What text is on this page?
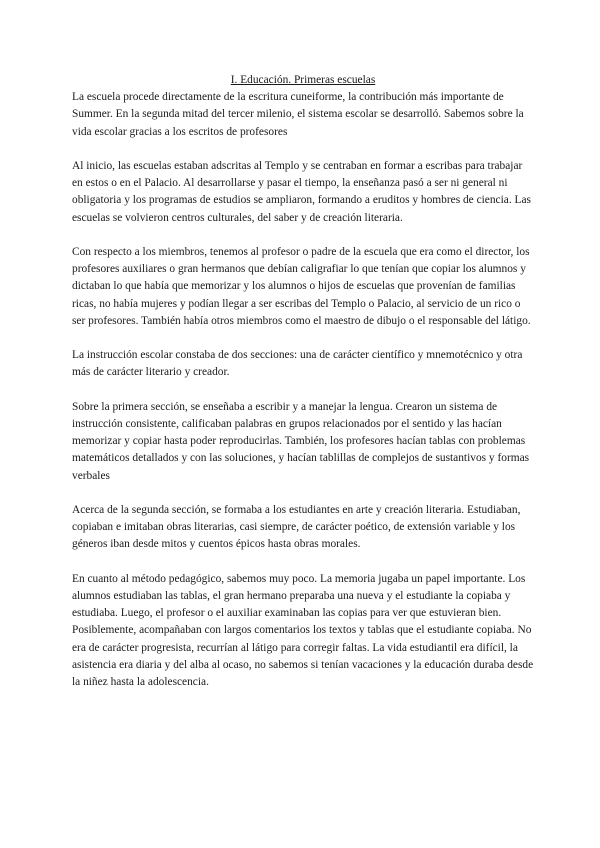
I. Educación. Primeras escuelas

La escuela procede directamente de la escritura cuneiforme, la contribución más importante de Summer. En la segunda mitad del tercer milenio, el sistema escolar se desarrolló. Sabemos sobre la vida escolar gracias a los escritos de profesores

Al inicio, las escuelas estaban adscritas al Templo y se centraban en formar a escribas para trabajar en estos o en el Palacio. Al desarrollarse y pasar el tiempo, la enseñanza pasó a ser ni general ni obligatoria y los programas de estudios se ampliaron, formando a eruditos y hombres de ciencia. Las escuelas se volvieron centros culturales, del saber y de creación literaria.

Con respecto a los miembros, tenemos al profesor o padre de la escuela que era como el director, los profesores auxiliares o gran hermanos que debían caligrafiar lo que tenían que copiar los alumnos y dictaban lo que había que memorizar y los alumnos o hijos de escuelas que provenían de familias ricas, no había mujeres y podían llegar a ser escribas del Templo o Palacio, al servicio de un rico o ser profesores. También había otros miembros como el maestro de dibujo o el responsable del látigo.

La instrucción escolar constaba de dos secciones: una de carácter científico y mnemotécnico y otra más de carácter literario y creador.

Sobre la primera sección, se enseñaba a escribir y a manejar la lengua. Crearon un sistema de instrucción consistente, calificaban palabras en grupos relacionados por el sentido y las hacían memorizar y copiar hasta poder reproducirlas. También, los profesores hacían tablas con problemas matemáticos detallados y con las soluciones, y hacían tablillas de complejos de sustantivos y formas verbales

Acerca de la segunda sección, se formaba a los estudiantes en arte y creación literaria. Estudiaban, copiaban e imitaban obras literarias, casi siempre, de carácter poético, de extensión variable y los géneros iban desde mitos y cuentos épicos hasta obras morales.

En cuanto al método pedagógico, sabemos muy poco. La memoria jugaba un papel importante. Los alumnos estudiaban las tablas, el gran hermano preparaba una nueva y el estudiante la copiaba y estudiaba. Luego, el profesor o el auxiliar examinaban las copias para ver que estuvieran bien. Posiblemente, acompañaban con largos comentarios los textos y tablas que el estudiante copiaba. No era de carácter progresista, recurrían al látigo para corregir faltas. La vida estudiantil era difícil, la asistencia era diaria y del alba al ocaso, no sabemos si tenían vacaciones y la educación duraba desde la niñez hasta la adolescencia.
